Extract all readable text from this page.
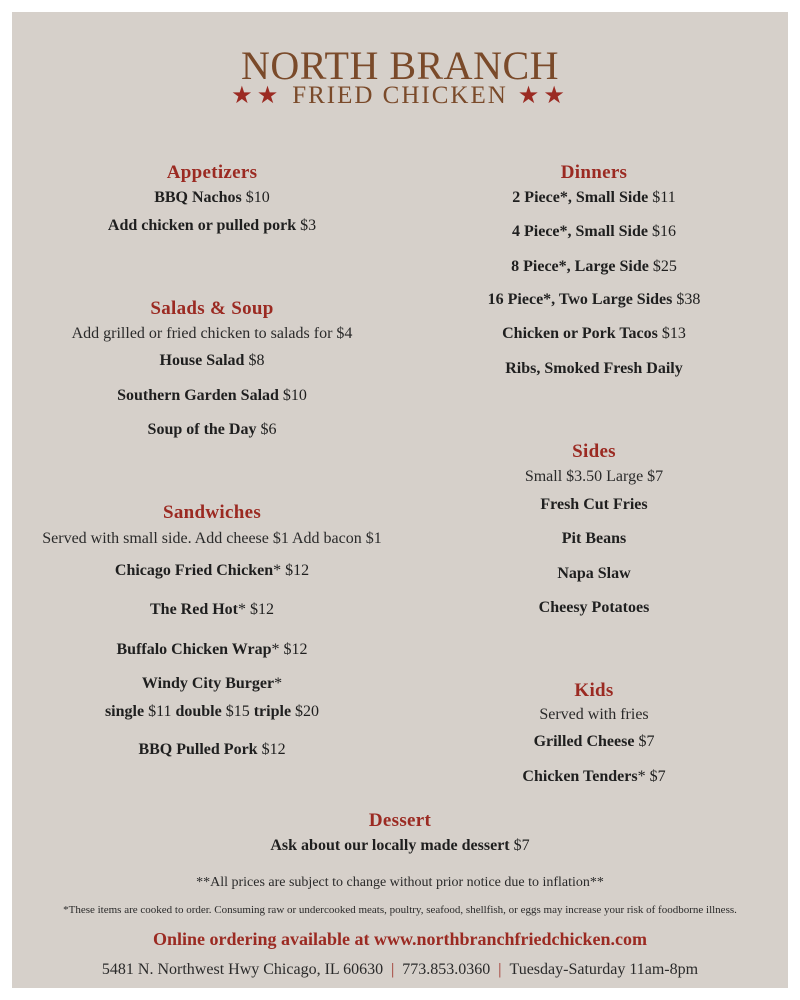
NORTH BRANCH
★★ FRIED CHICKEN ★★
Appetizers
BBQ Nachos $10
Add chicken or pulled pork $3
Salads & Soup
Add grilled or fried chicken to salads for $4
House Salad $8
Southern Garden Salad $10
Soup of the Day $6
Sandwiches
Served with small side. Add cheese $1 Add bacon $1
Chicago Fried Chicken* $12
The Red Hot* $12
Buffalo Chicken Wrap* $12
Windy City Burger*
single $11 double $15 triple $20
BBQ Pulled Pork $12
Dinners
2 Piece*, Small Side $11
4 Piece*, Small Side $16
8 Piece*, Large Side $25
16 Piece*, Two Large Sides $38
Chicken or Pork Tacos $13
Ribs, Smoked Fresh Daily
Sides
Small $3.50 Large $7
Fresh Cut Fries
Pit Beans
Napa Slaw
Cheesy Potatoes
Kids
Served with fries
Grilled Cheese $7
Chicken Tenders* $7
Dessert
Ask about our locally made dessert $7
**All prices are subject to change without prior notice due to inflation**
*These items are cooked to order. Consuming raw or undercooked meats, poultry, seafood, shellfish, or eggs may increase your risk of foodborne illness.
Online ordering available at www.northbranchfriedchicken.com
5481 N. Northwest Hwy Chicago, IL 60630 | 773.853.0360 | Tuesday-Saturday 11am-8pm
